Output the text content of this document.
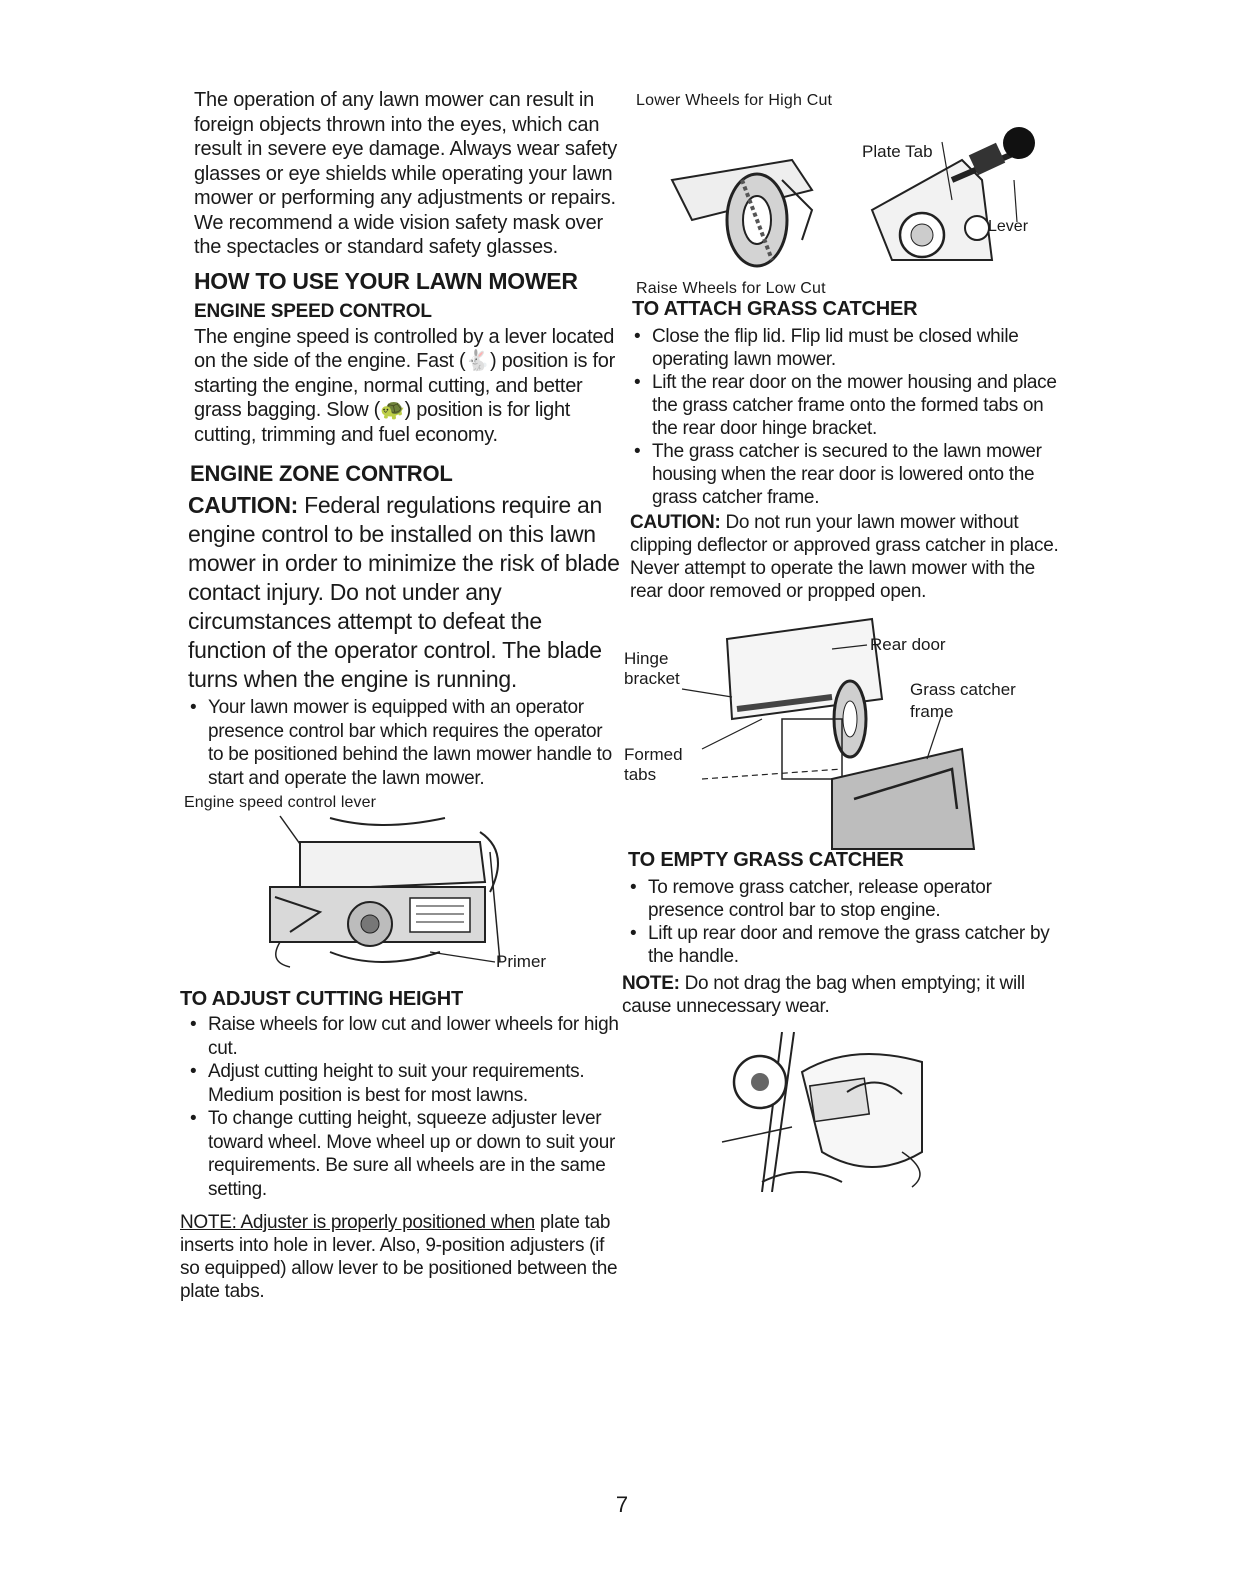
The operation of any lawn mower can result in foreign objects thrown into the eyes, which can result in severe eye damage. Always wear safety glasses or eye shields while operating your lawn mower or performing any adjustments or repairs. We recommend a wide vision safety mask over the spectacles or standard safety glasses.

HOW TO USE YOUR LAWN MOWER
ENGINE SPEED CONTROL

The engine speed is controlled by a lever located on the side of the engine. Fast (🐇) position is for starting the engine, normal cutting, and better grass bagging. Slow (🐢) position is for light cutting, trimming and fuel economy.

ENGINE ZONE CONTROL

CAUTION: Federal regulations require an engine control to be installed on this lawn mower in order to minimize the risk of blade contact injury. Do not under any circumstances attempt to defeat the function of the operator control. The blade turns when the engine is running.

• Your lawn mower is equipped with an operator presence control bar which requires the operator to be positioned behind the lawn mower handle to start and operate the lawn mower.
Engine speed control lever
Primer
TO ADJUST CUTTING HEIGHT
• Raise wheels for low cut and lower wheels for high cut.
• Adjust cutting height to suit your requirements. Medium position is best for most lawns.
• To change cutting height, squeeze adjuster lever toward wheel. Move wheel up or down to suit your requirements. Be sure all wheels are in the same setting.

NOTE: Adjuster is properly positioned when plate tab inserts into hole in lever. Also, 9-position adjusters (if so equipped) allow lever to be positioned between the plate tabs.

Lower Wheels for High Cut
Plate Tab
Lever
Raise Wheels for Low Cut
TO ATTACH GRASS CATCHER
• Close the flip lid. Flip lid must be closed while operating lawn mower.
• Lift the rear door on the mower housing and place the grass catcher frame onto the formed tabs on the rear door hinge bracket.
• The grass catcher is secured to the lawn mower housing when the rear door is lowered onto the grass catcher frame.

CAUTION: Do not run your lawn mower without clipping deflector or approved grass catcher in place. Never attempt to operate the lawn mower with the rear door removed or propped open.

Hinge bracket
Rear door
Grass catcher frame
Formed tabs
TO EMPTY GRASS CATCHER
• To remove grass catcher, release operator presence control bar to stop engine.
• Lift up rear door and remove the grass catcher by the handle.

NOTE: Do not drag the bag when emptying; it will cause unnecessary wear.

7
